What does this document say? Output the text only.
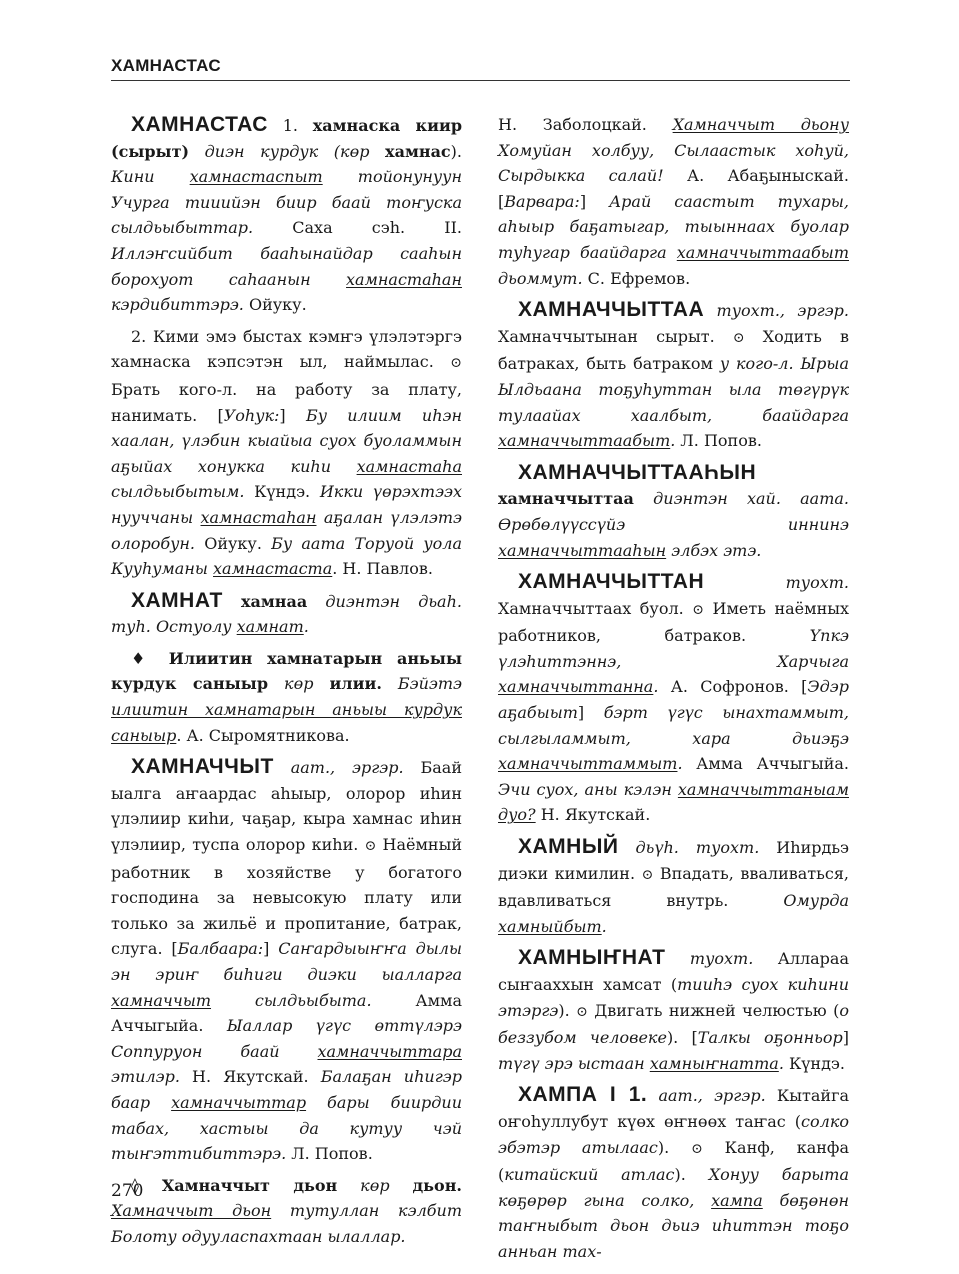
ХАМНАСТАС

ХАМНАСТАС 1. хамнаска киир (сырыт) диэн курдук (көр хамнас). Кини хамнастаспыт тойонунуун Учурга тииийэн биир баай тоҥуска сылдьыбыттар. Саха сэһ. II. Иллэҥсийбит бааһынайдар сааһын борохуот саһаанын хамнастаһан кэрдибиттэрэ. Ойуку.

2. Кими эмэ быстах кэмҥэ үлэлэтэргэ хамнаска кэпсэтэн ыл, наймылас. ⊙ Брать кого-л. на работу за плату, нанимать. [Уоһук:] Бу илиим иһэн хаалан, үлэбин кыайыа суох буоламмын аҕыйах хонукка киһи хамнастаһа сылдьыбытым. Күндэ. Икки үөрэхтээх нууччаны хамнастаһан аҕалан үлэлэтэ олоробун. Ойуку. Бу аата Торуой уола Кууһуманы хамнастаста. Н. Павлов.

ХАМНАТ хамнаа диэнтэн дьаһ. туһ. Остуолу хамнат.

♦ Илиитин хамнатарын аньыы курдук саныыр көр илии. Бэйэтэ илиитин хамнатарын аньыы курдук саныыр. А. Сыромятникова.

ХАМНАЧЧЫТ аат., эргэр. Баай ыалга аҥаардас аһыыр, олорор иһин үлэлиир киһи, чаҕар, кыра хамнас иһин үлэлиир, туспа олорор киһи. ⊙ Наёмный работник в хозяйстве у богатого господина за невысокую плату или только за жильё и пропитание, батрак, слуга. [Балбаара:] Саҥардыыҥҥа дылы эн эриҥ биһиги диэки ыалларга хамначчыт сылдьыбыта. Амма Аччыгыйа. Ыаллар үгүс өттүлэрэ Соппуруон баай хамначчыттара этилэр. Н. Якутскай. Балаҕан иһигэр баар хамначчыттар бары биирдии табах, хастыы да кутуу чэй тыҥэттибиттэрэ. Л. Попов.

◊ Хамначчыт дьон көр дьон. Хамначчыт дьон тутуллан кэлбит Болоту одууласпахтаан ылаллар.

Н. Заболоцкай. Хамначчыт дьону Хомуйан холбуу, Сылаастык хоһуй, Сырдыкка салай! А. Абаҕыныскай. [Варвара:] Арай саастыт тухары, аһыыр баҕатыгар, тыыннаах буолар туһугар баайдарга хамначчыттаабыт дьоммут. С. Ефремов.

ХАМНАЧЧЫТТАА туохт., эргэр. Хамначчытынан сырыт. ⊙ Ходить в батраках, быть батраком у кого-л. Ырыа Ылдьаана тоҕуһуттан ыла төгүрүк тулаайах хаалбыт, баайдарга хамначчыттаабыт. Л. Попов.

ХАМНАЧЧЫТТААҺЫН хамначчыттаа диэнтэн хай. аата. Өрөбөлүүссүйэ иннинэ хамначчыттааһын элбэх этэ.

ХАМНАЧЧЫТТАН	туохт. Хамначчыттаах буол. ⊙ Иметь наёмных работников, батраков. Үпкэ үлэһиттэннэ, Харчыга хамначчыттанна. А. Софронов. [Эдэр аҕабыыт] бэрт үгүс ынахтаммыт, сылгыламмыт, хара дьиэҕэ хамначчыттаммыт. Амма Аччыгыйа. Эчи суох, аны кэлэн хамначчыттаныам дуо? Н. Якутскай.

ХАМНЫЙ дьүһ. туохт. Иһирдьэ диэки кимилин. ⊙ Впадать, вваливаться, вдавливаться внутрь. Омурда хамныйбыт.

ХАМНЫҤНАТ туохт. Аллараа сыҥааххын хамсат (тииһэ суох киһини этэргэ). ⊙ Двигать нижней челюстью (о беззубом человеке). [Талкы оҕонньор] түгү эрэ ыстаан хамныҥнатта. Күндэ.

ХАМПА I 1. аат., эргэр. Кытайга оҥоһуллубут күөх өҥнөөх таҥас (солко эбэтэр атылаас). ⊙ Канф, канфа (китайский атлас). Хонуу барыта көҕөрөр гына солко, хампа бөҕөнөн таҥныбыт дьон дьиэ иһиттэн тоҕо анньан тах-

270
